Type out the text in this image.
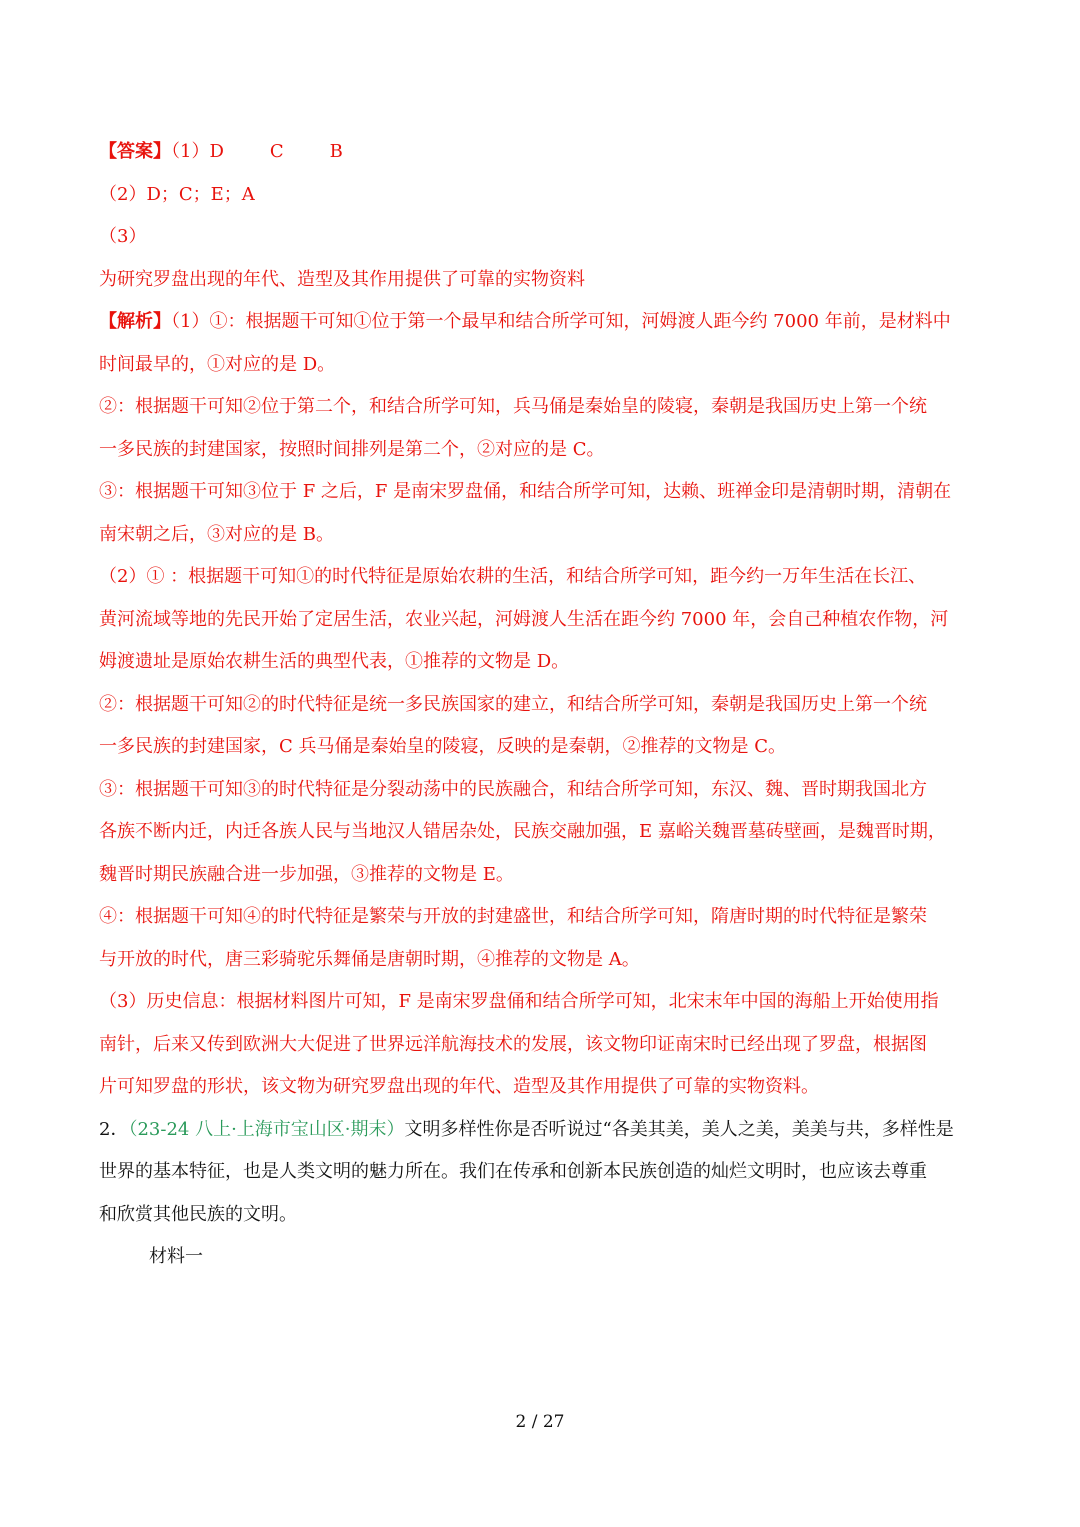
【答案】（1）D	C	B
（2）D；C；E；A
（3）
为研究罗盘出现的年代、造型及其作用提供了可靠的实物资料
【解析】（1）①：根据题干可知①位于第一个最早和结合所学可知，河姆渡人距今约 7000 年前，是材料中
时间最早的，①对应的是 D。
②：根据题干可知②位于第二个，和结合所学可知，兵马俑是秦始皇的陵寝，秦朝是我国历史上第一个统
一多民族的封建国家，按照时间排列是第二个，②对应的是 C。
③：根据题干可知③位于 F 之后，F 是南宋罗盘俑，和结合所学可知，达赖、班禅金印是清朝时期，清朝在
南宋朝之后，③对应的是 B。
（2）① ：根据题干可知①的时代特征是原始农耕的生活，和结合所学可知，距今约一万年生活在长江、
黄河流域等地的先民开始了定居生活，农业兴起，河姆渡人生活在距今约 7000 年，会自己种植农作物，河
姆渡遗址是原始农耕生活的典型代表，①推荐的文物是 D。
②：根据题干可知②的时代特征是统一多民族国家的建立，和结合所学可知，秦朝是我国历史上第一个统
一多民族的封建国家，C 兵马俑是秦始皇的陵寝，反映的是秦朝，②推荐的文物是 C。
③：根据题干可知③的时代特征是分裂动荡中的民族融合，和结合所学可知，东汉、魏、晋时期我国北方
各族不断内迁，内迁各族人民与当地汉人错居杂处，民族交融加强，E 嘉峪关魏晋墓砖壁画，是魏晋时期，
魏晋时期民族融合进一步加强，③推荐的文物是 E。
④：根据题干可知④的时代特征是繁荣与开放的封建盛世，和结合所学可知，隋唐时期的时代特征是繁荣
与开放的时代，唐三彩骑驼乐舞俑是唐朝时期，④推荐的文物是 A。
（3）历史信息：根据材料图片可知，F 是南宋罗盘俑和结合所学可知，北宋末年中国的海船上开始使用指
南针，后来又传到欧洲大大促进了世界远洋航海技术的发展，该文物印证南宋时已经出现了罗盘，根据图
片可知罗盘的形状，该文物为研究罗盘出现的年代、造型及其作用提供了可靠的实物资料。
2．（23-24 八上·上海市宝山区·期末）文明多样性你是否听说过“各美其美，美人之美，美美与共，多样性是
世界的基本特征，也是人类文明的魅力所在。我们在传承和创新本民族创造的灿烂文明时，也应该去尊重
和欣赏其他民族的文明。
材料一
2 / 27
